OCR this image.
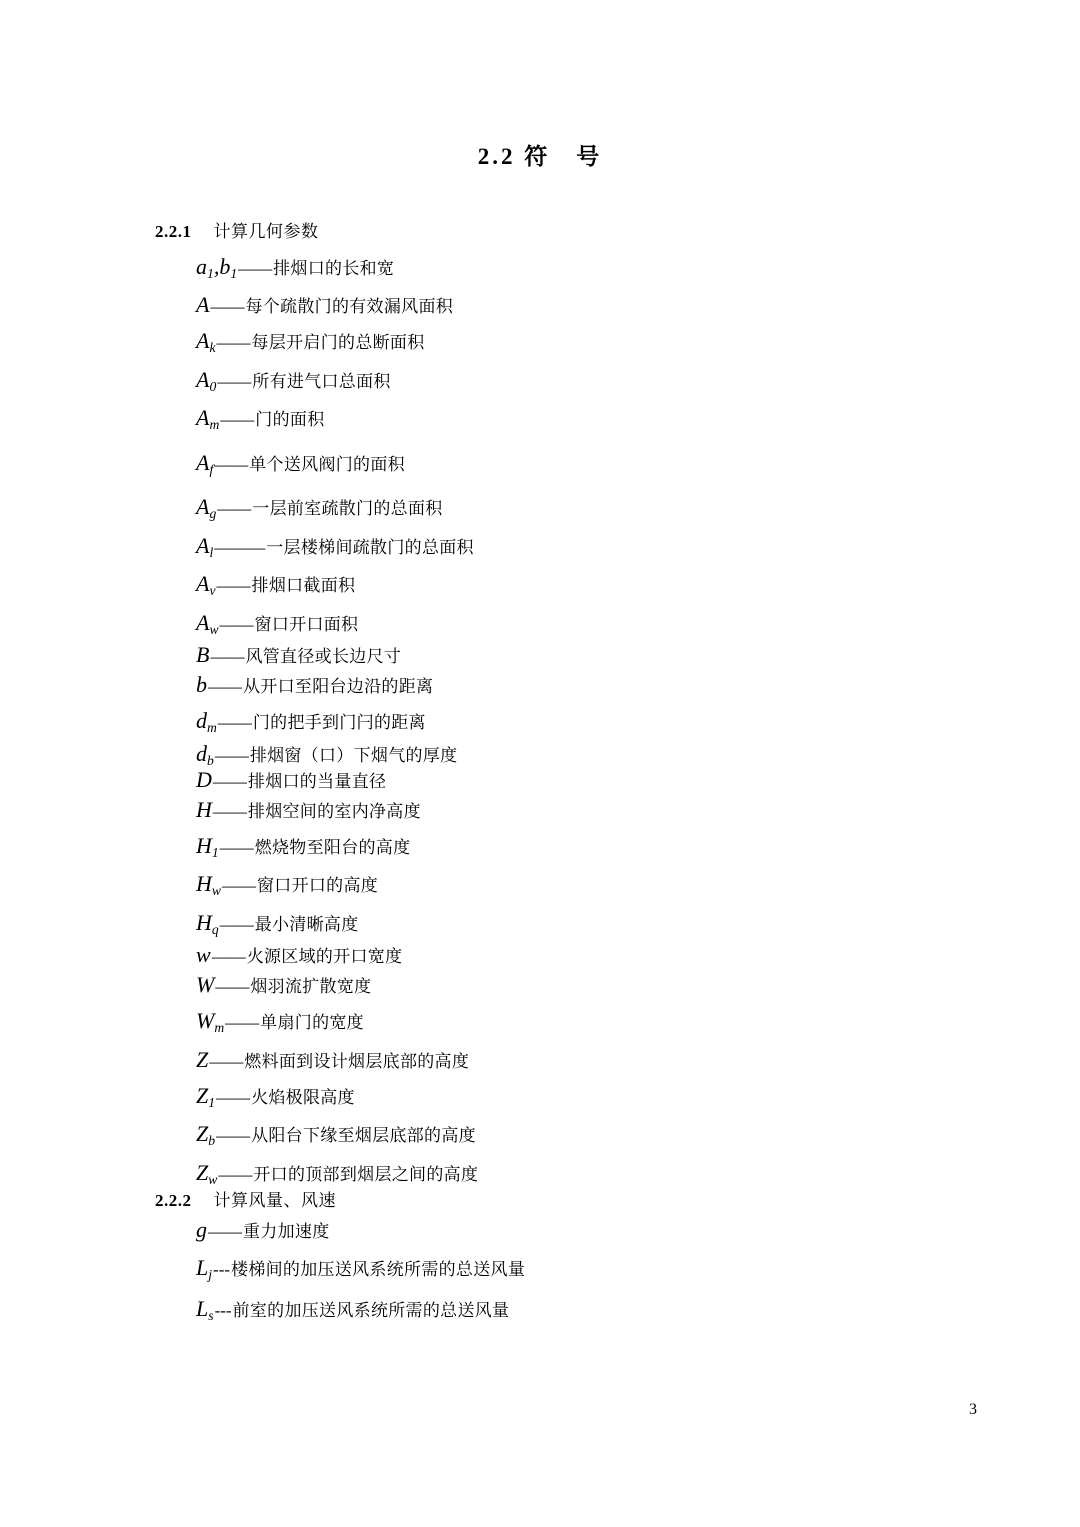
2.2 符　号
2.2.1 计算几何参数
$a_1,b_1$ —— 排烟口的长和宽
A —— 每个疏散门的有效漏风面积
$A_k$ —— 每层开启门的总断面积
$A_0$ —— 所有进气口总面积
$A_m$ —— 门的面积
$A_f$ —— 单个送风阀门的面积
$A_g$ —— 一层前室疏散门的总面积
$A_l$ ——— 一层楼梯间疏散门的总面积
$A_v$ —— 排烟口截面积
$A_w$ —— 窗口开口面积
B —— 风管直径或长边尺寸
b —— 从开口至阳台边沿的距离
$d_m$ —— 门的把手到门闩的距离
$d_b$ —— 排烟窗（口）下烟气的厚度
D —— 排烟口的当量直径
H —— 排烟空间的室内净高度
$H_1$ —— 燃烧物至阳台的高度
$H_w$ —— 窗口开口的高度
$H_q$ —— 最小清晰高度
w —— 火源区域的开口宽度
W —— 烟羽流扩散宽度
$W_m$ —— 单扇门的宽度
Z —— 燃料面到设计烟层底部的高度
$Z_1$ —— 火焰极限高度
$Z_b$ —— 从阳台下缘至烟层底部的高度
$Z_w$ —— 开口的顶部到烟层之间的高度
2.2.2 计算风量、风速
g —— 重力加速度
$L_j$ --- 楼梯间的加压送风系统所需的总送风量
$L_s$ --- 前室的加压送风系统所需的总送风量
3
